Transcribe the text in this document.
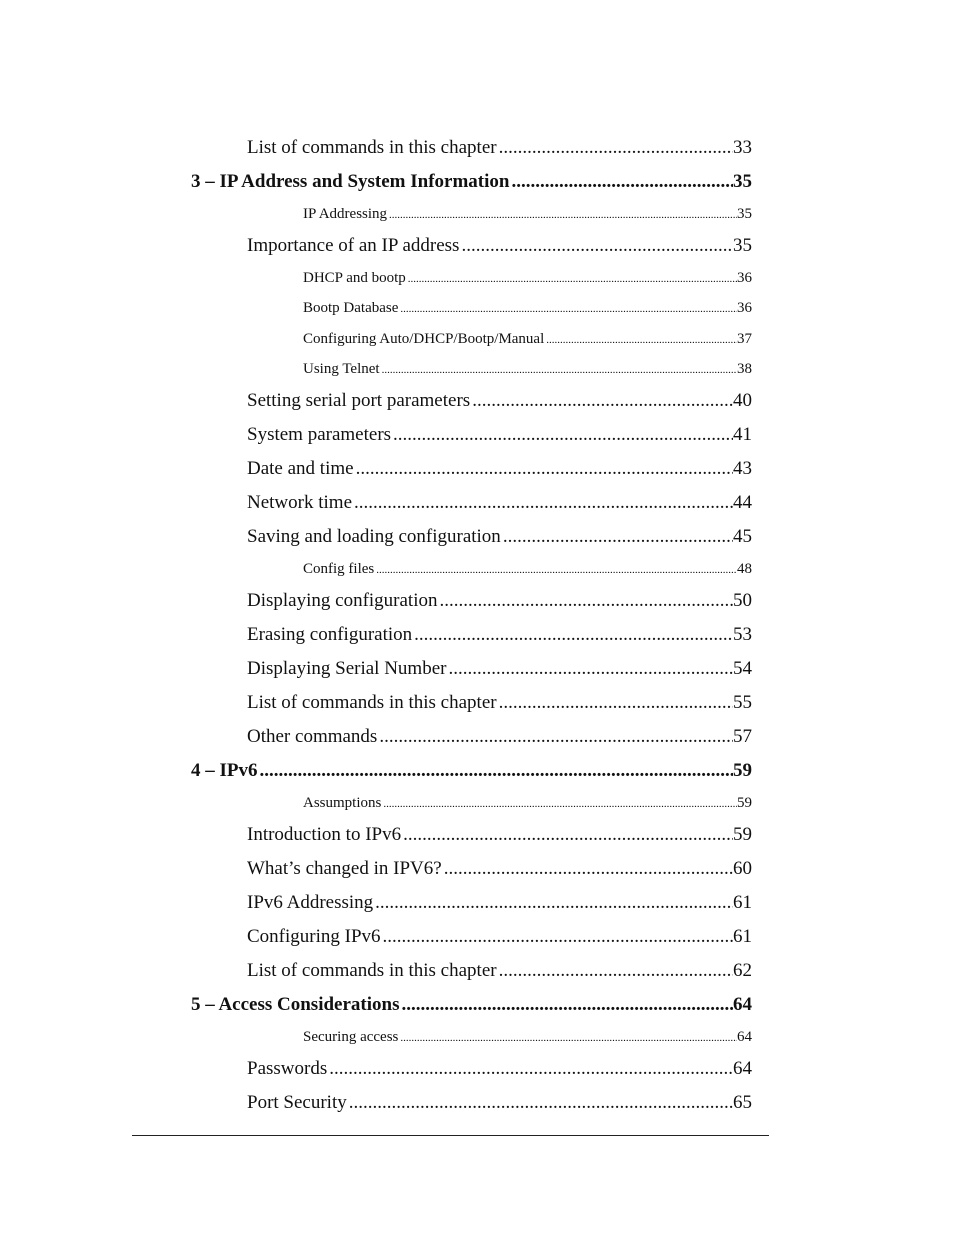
List of commands in this chapter .....	33
3 – IP Address and System Information .....	35
IP Addressing .....	35
Importance of an IP address .....	35
DHCP and bootp .....	36
Bootp Database .....	36
Configuring Auto/DHCP/Bootp/Manual .....	37
Using Telnet .....	38
Setting serial port parameters .....	40
System parameters .....	41
Date and time .....	43
Network time .....	44
Saving and loading configuration .....	45
Config files .....	48
Displaying configuration .....	50
Erasing configuration .....	53
Displaying Serial Number .....	54
List of commands in this chapter .....	55
Other commands .....	57
4 – IPv6 .....	59
Assumptions .....	59
Introduction to IPv6 .....	59
What’s changed in IPV6? .....	60
IPv6 Addressing .....	61
Configuring IPv6 .....	61
List of commands in this chapter .....	62
5 – Access Considerations .....	64
Securing access .....	64
Passwords .....	64
Port Security .....	65
